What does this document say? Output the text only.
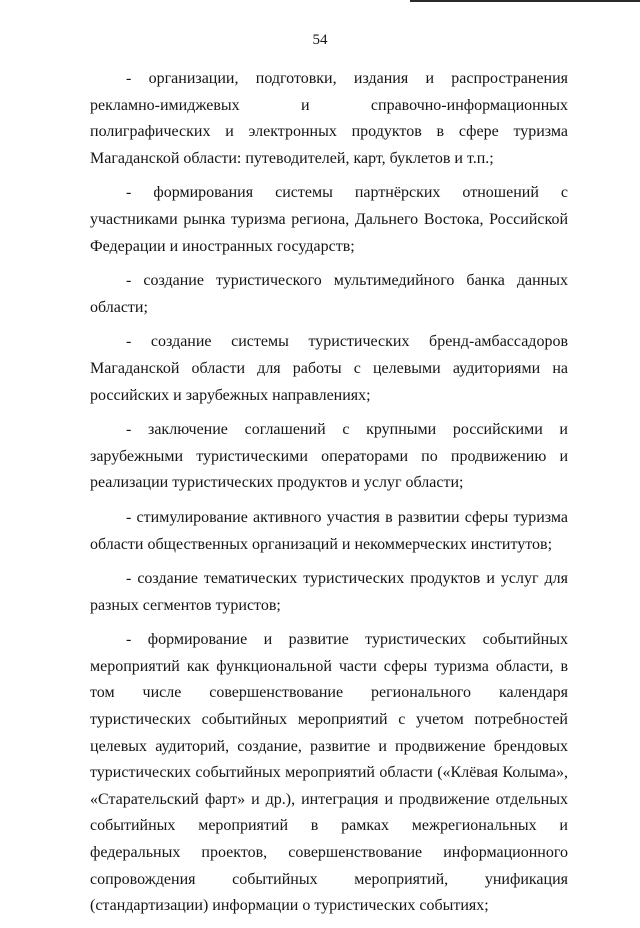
54

- организации, подготовки, издания и распространения рекламно-имиджевых и справочно-информационных полиграфических и электронных продуктов в сфере туризма Магаданской области: путеводителей, карт, буклетов и т.п.;

- формирования системы партнёрских отношений с участниками рынка туризма региона, Дальнего Востока, Российской Федерации и иностранных государств;

- создание туристического мультимедийного банка данных области;

- создание системы туристических бренд-амбассадоров Магаданской области для работы с целевыми аудиториями на российских и зарубежных направлениях;

- заключение соглашений с крупными российскими и зарубежными туристическими операторами по продвижению и реализации туристических продуктов и услуг области;

- стимулирование активного участия в развитии сферы туризма области общественных организаций и некоммерческих институтов;

- создание тематических туристических продуктов и услуг для разных сегментов туристов;

- формирование и развитие туристических событийных мероприятий как функциональной части сферы туризма области, в том числе совершенствование регионального календаря туристических событийных мероприятий с учетом потребностей целевых аудиторий, создание, развитие и продвижение брендовых туристических событийных мероприятий области («Клёвая Колыма», «Старательский фарт» и др.), интеграция и продвижение отдельных событийных мероприятий в рамках межрегиональных и федеральных проектов, совершенствование информационного сопровождения событийных мероприятий, унификация (стандартизации) информации о туристических событиях;
